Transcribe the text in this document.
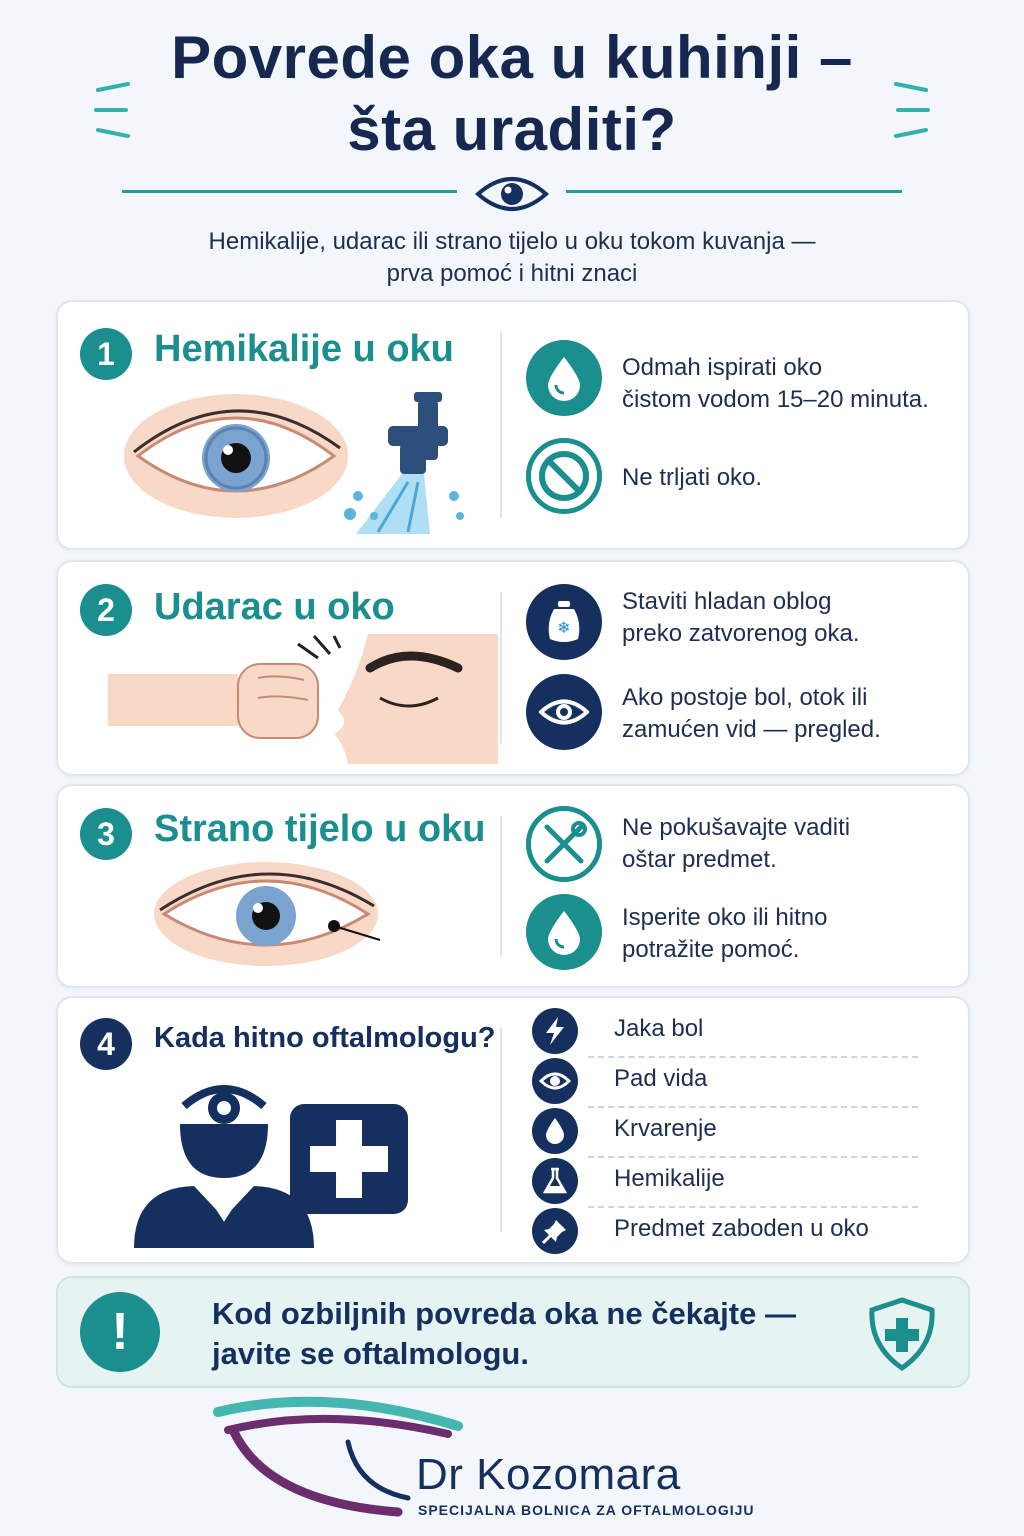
Povrede oka u kuhinji –
šta uraditi?
Hemikalije, udarac ili strano tijelo u oku tokom kuvanja —
prva pomoć i hitni znaci
1	Hemikalije u oku	Odmah ispirati oko
čistom vodom 15–20 minuta.
Ne trljati oko.
2	Udarac u oko
❄
Staviti hladan oblog
preko zatvorenog oka.
Ako postoje bol, otok ili
zamućen vid — pregled.
3	Strano tijelo u oku	Ne pokušavajte vaditi
oštar predmet.
Isperite oko ili hitno
potražite pomoć.
4	Kada hitno oftalmologu?	Jaka bol
Pad vida
Krvarenje
Hemikalije
Predmet zaboden u oko
!	Kod ozbiljnih povreda oka ne čekajte —
javite se oftalmologu.
Dr Kozomara
SPECIJALNA BOLNICA ZA OFTALMOLOGIJU
